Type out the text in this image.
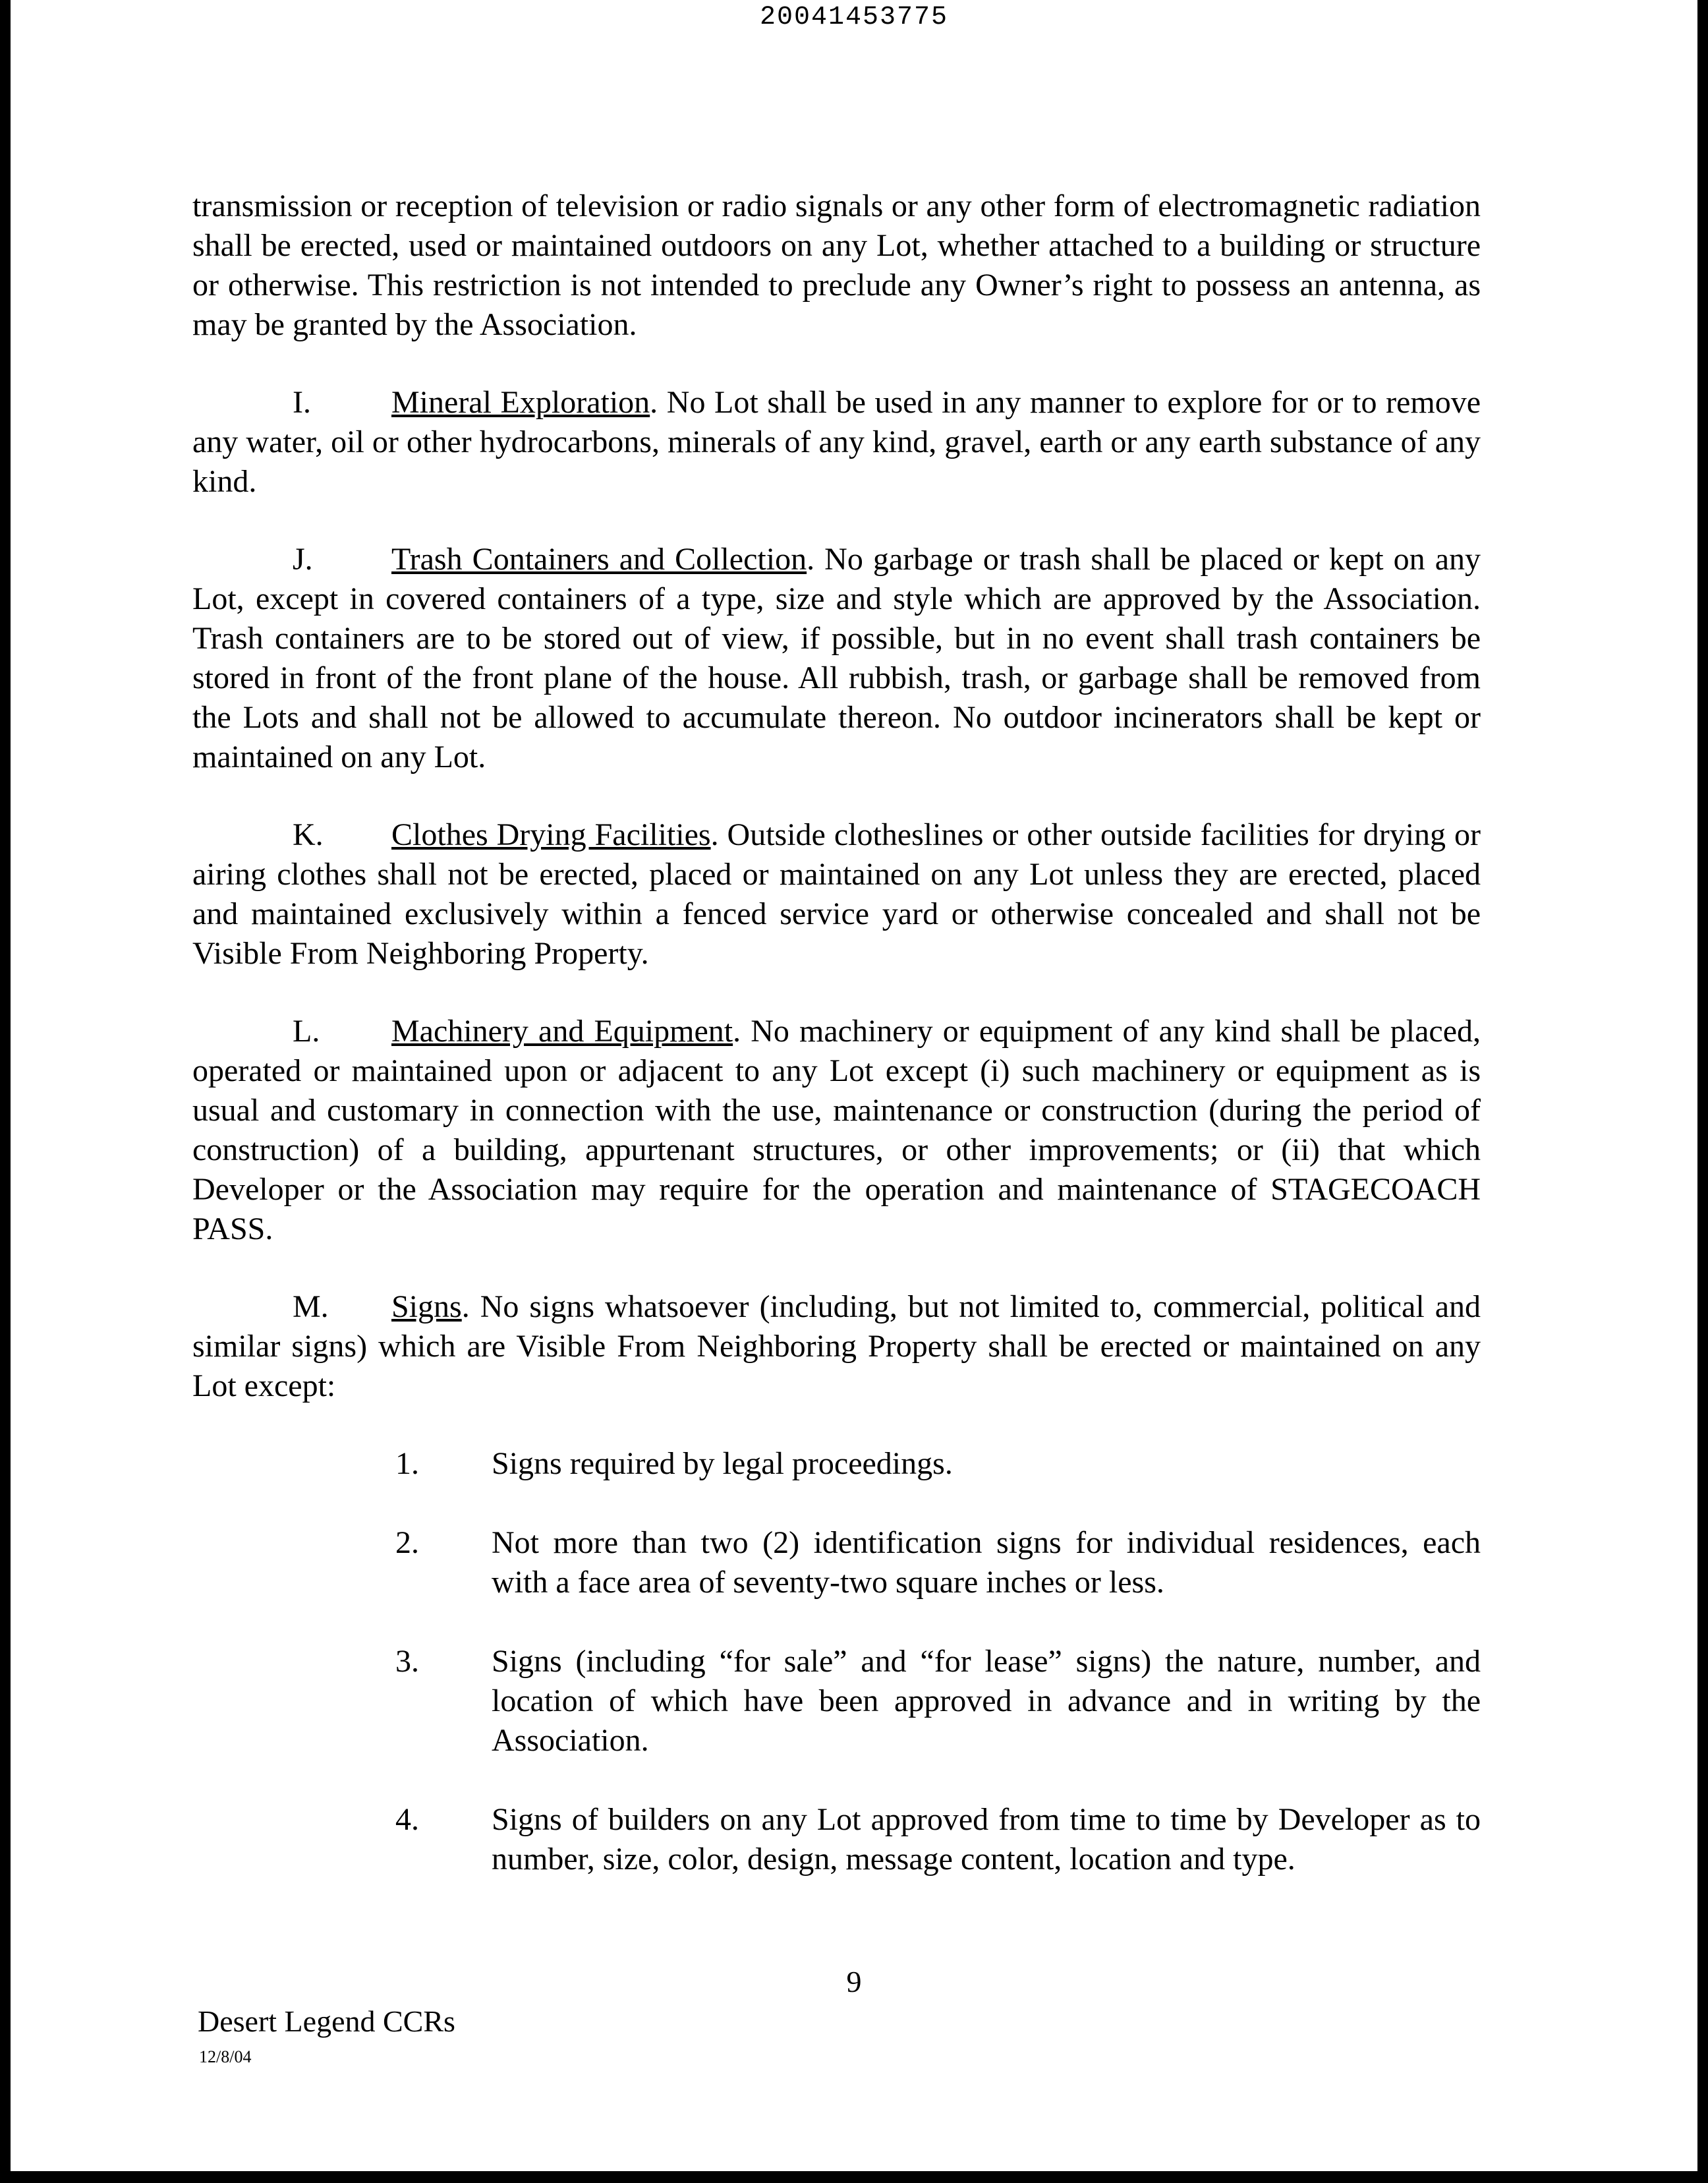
20041453775

transmission or reception of television or radio signals or any other form of electromagnetic radiation shall be erected, used or maintained outdoors on any Lot, whether attached to a building or structure or otherwise. This restriction is not intended to preclude any Owner’s right to possess an antenna, as may be granted by the Association.

I.	Mineral Exploration. No Lot shall be used in any manner to explore for or to remove any water, oil or other hydrocarbons, minerals of any kind, gravel, earth or any earth substance of any kind.

J. Trash Containers and Collection. No garbage or trash shall be placed or kept on any Lot, except in covered containers of a type, size and style which are approved by the Association. Trash containers are to be stored out of view, if possible, but in no event shall trash containers be stored in front of the front plane of the house. All rubbish, trash, or garbage shall be removed from the Lots and shall not be allowed to accumulate thereon. No outdoor incinerators shall be kept or maintained on any Lot.

K. Clothes Drying Facilities. Outside clotheslines or other outside facilities for drying or airing clothes shall not be erected, placed or maintained on any Lot unless they are erected, placed and maintained exclusively within a fenced service yard or otherwise concealed and shall not be Visible From Neighboring Property.

L. Machinery and Equipment. No machinery or equipment of any kind shall be placed, operated or maintained upon or adjacent to any Lot except (i) such machinery or equipment as is usual and customary in connection with the use, maintenance or construction (during the period of construction) of a building, appurtenant structures, or other improvements; or (ii) that which Developer or the Association may require for the operation and maintenance of STAGECOACH PASS.

M. Signs. No signs whatsoever (including, but not limited to, commercial, political and similar signs) which are Visible From Neighboring Property shall be erected or maintained on any Lot except:

1.	Signs required by legal proceedings.

2.	Not more than two (2) identification signs for individual residences, each with a face area of seventy-two square inches or less.

3.	Signs (including “for sale” and “for lease” signs) the nature, number, and location of which have been approved in advance and in writing by the Association.

4.	Signs of builders on any Lot approved from time to time by Developer as to number, size, color, design, message content, location and type.

9
Desert Legend CCRs
12/8/04
